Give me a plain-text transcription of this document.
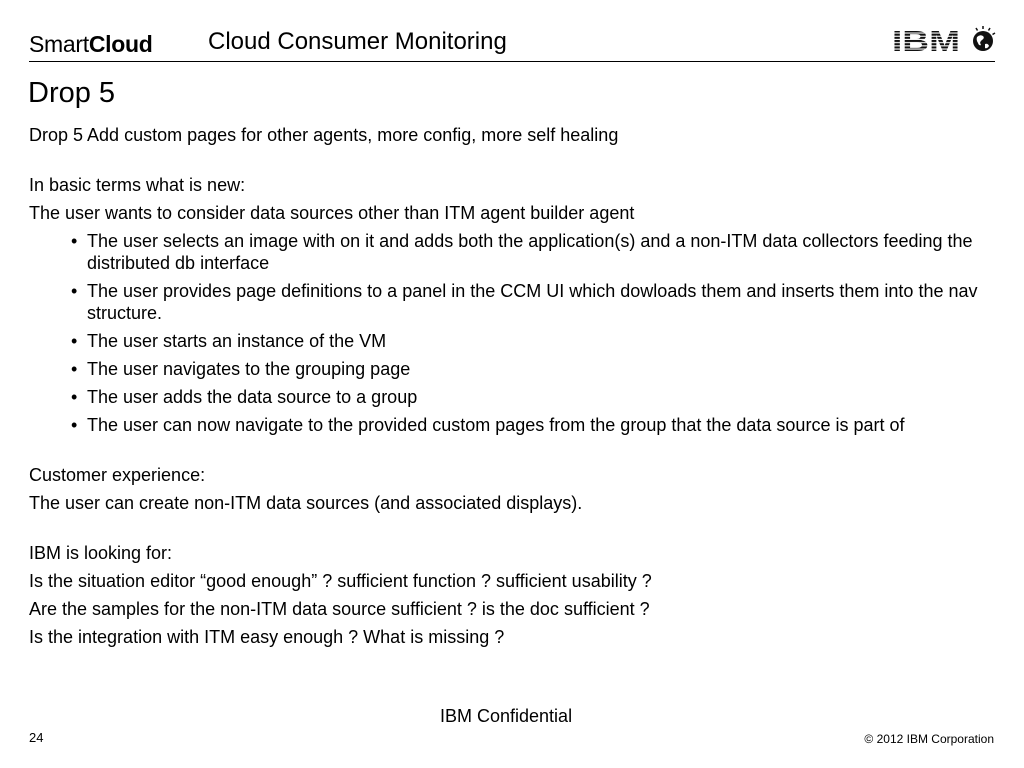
SmartCloud Cloud Consumer Monitoring	IBM
Drop 5
Drop 5 Add custom pages for other agents, more config, more self healing
In basic terms what is new:
The user wants to consider data sources other than ITM agent builder agent
• The user selects an image with on it and adds both the application(s) and a non-ITM data collectors feeding the distributed db interface
• The user provides page definitions to a panel in the CCM UI which dowloads them and inserts them into the nav structure.
• The user starts an instance of the VM
• The user navigates to the grouping page
• The user adds the data source to a group
• The user can now navigate to the provided custom pages from the group that the data source is part of
Customer experience:
The user can create non-ITM data sources (and associated displays).
IBM is looking for:
Is the situation editor “good enough” ? sufficient function ? sufficient usability ?
Are the samples for the non-ITM data source sufficient ? is the doc sufficient ?
Is the integration with ITM easy enough ? What is missing ?
IBM Confidential
24	© 2012 IBM Corporation
